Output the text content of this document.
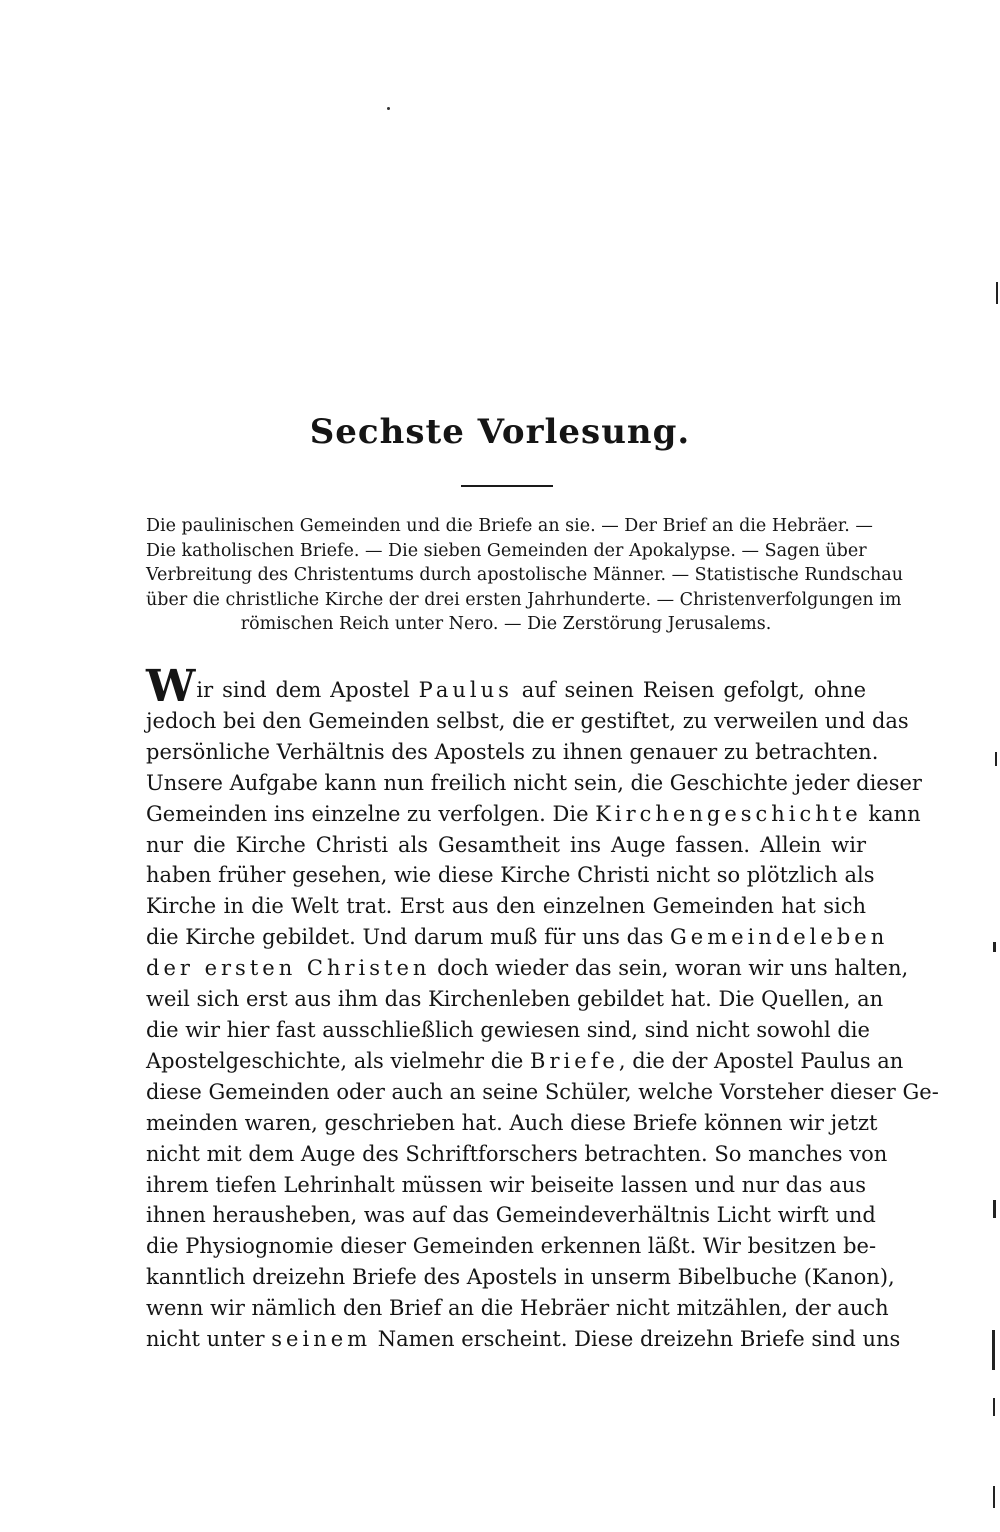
Sechste Vorlesung.
Die paulinischen Gemeinden und die Briefe an sie. — Der Brief an die Hebräer. —
Die katholischen Briefe. — Die sieben Gemeinden der Apokalypse. — Sagen über
Verbreitung des Christentums durch apostolische Männer. — Statistische Rundschau
über die christliche Kirche der drei ersten Jahrhunderte. — Christenverfolgungen im
römischen Reich unter Nero. — Die Zerstörung Jerusalems.
Wir sind dem Apostel Paulus auf seinen Reisen gefolgt, ohne
jedoch bei den Gemeinden selbst, die er gestiftet, zu verweilen und das
persönliche Verhältnis des Apostels zu ihnen genauer zu betrachten.
Unsere Aufgabe kann nun freilich nicht sein, die Geschichte jeder dieser
Gemeinden ins einzelne zu verfolgen. Die Kirchengeschichte kann
nur die Kirche Christi als Gesamtheit ins Auge fassen. Allein wir
haben früher gesehen, wie diese Kirche Christi nicht so plötzlich als
Kirche in die Welt trat. Erst aus den einzelnen Gemeinden hat sich
die Kirche gebildet. Und darum muß für uns das Gemeindeleben
der ersten Christen doch wieder das sein, woran wir uns halten,
weil sich erst aus ihm das Kirchenleben gebildet hat. Die Quellen, an
die wir hier fast ausschließlich gewiesen sind, sind nicht sowohl die
Apostelgeschichte, als vielmehr die Briefe, die der Apostel Paulus an
diese Gemeinden oder auch an seine Schüler, welche Vorsteher dieser Ge-
meinden waren, geschrieben hat. Auch diese Briefe können wir jetzt
nicht mit dem Auge des Schriftforschers betrachten. So manches von
ihrem tiefen Lehrinhalt müssen wir beiseite lassen und nur das aus
ihnen herausheben, was auf das Gemeindeverhältnis Licht wirft und
die Physiognomie dieser Gemeinden erkennen läßt. Wir besitzen be-
kanntlich dreizehn Briefe des Apostels in unserm Bibelbuche (Kanon),
wenn wir nämlich den Brief an die Hebräer nicht mitzählen, der auch
nicht unter seinem Namen erscheint. Diese dreizehn Briefe sind uns
